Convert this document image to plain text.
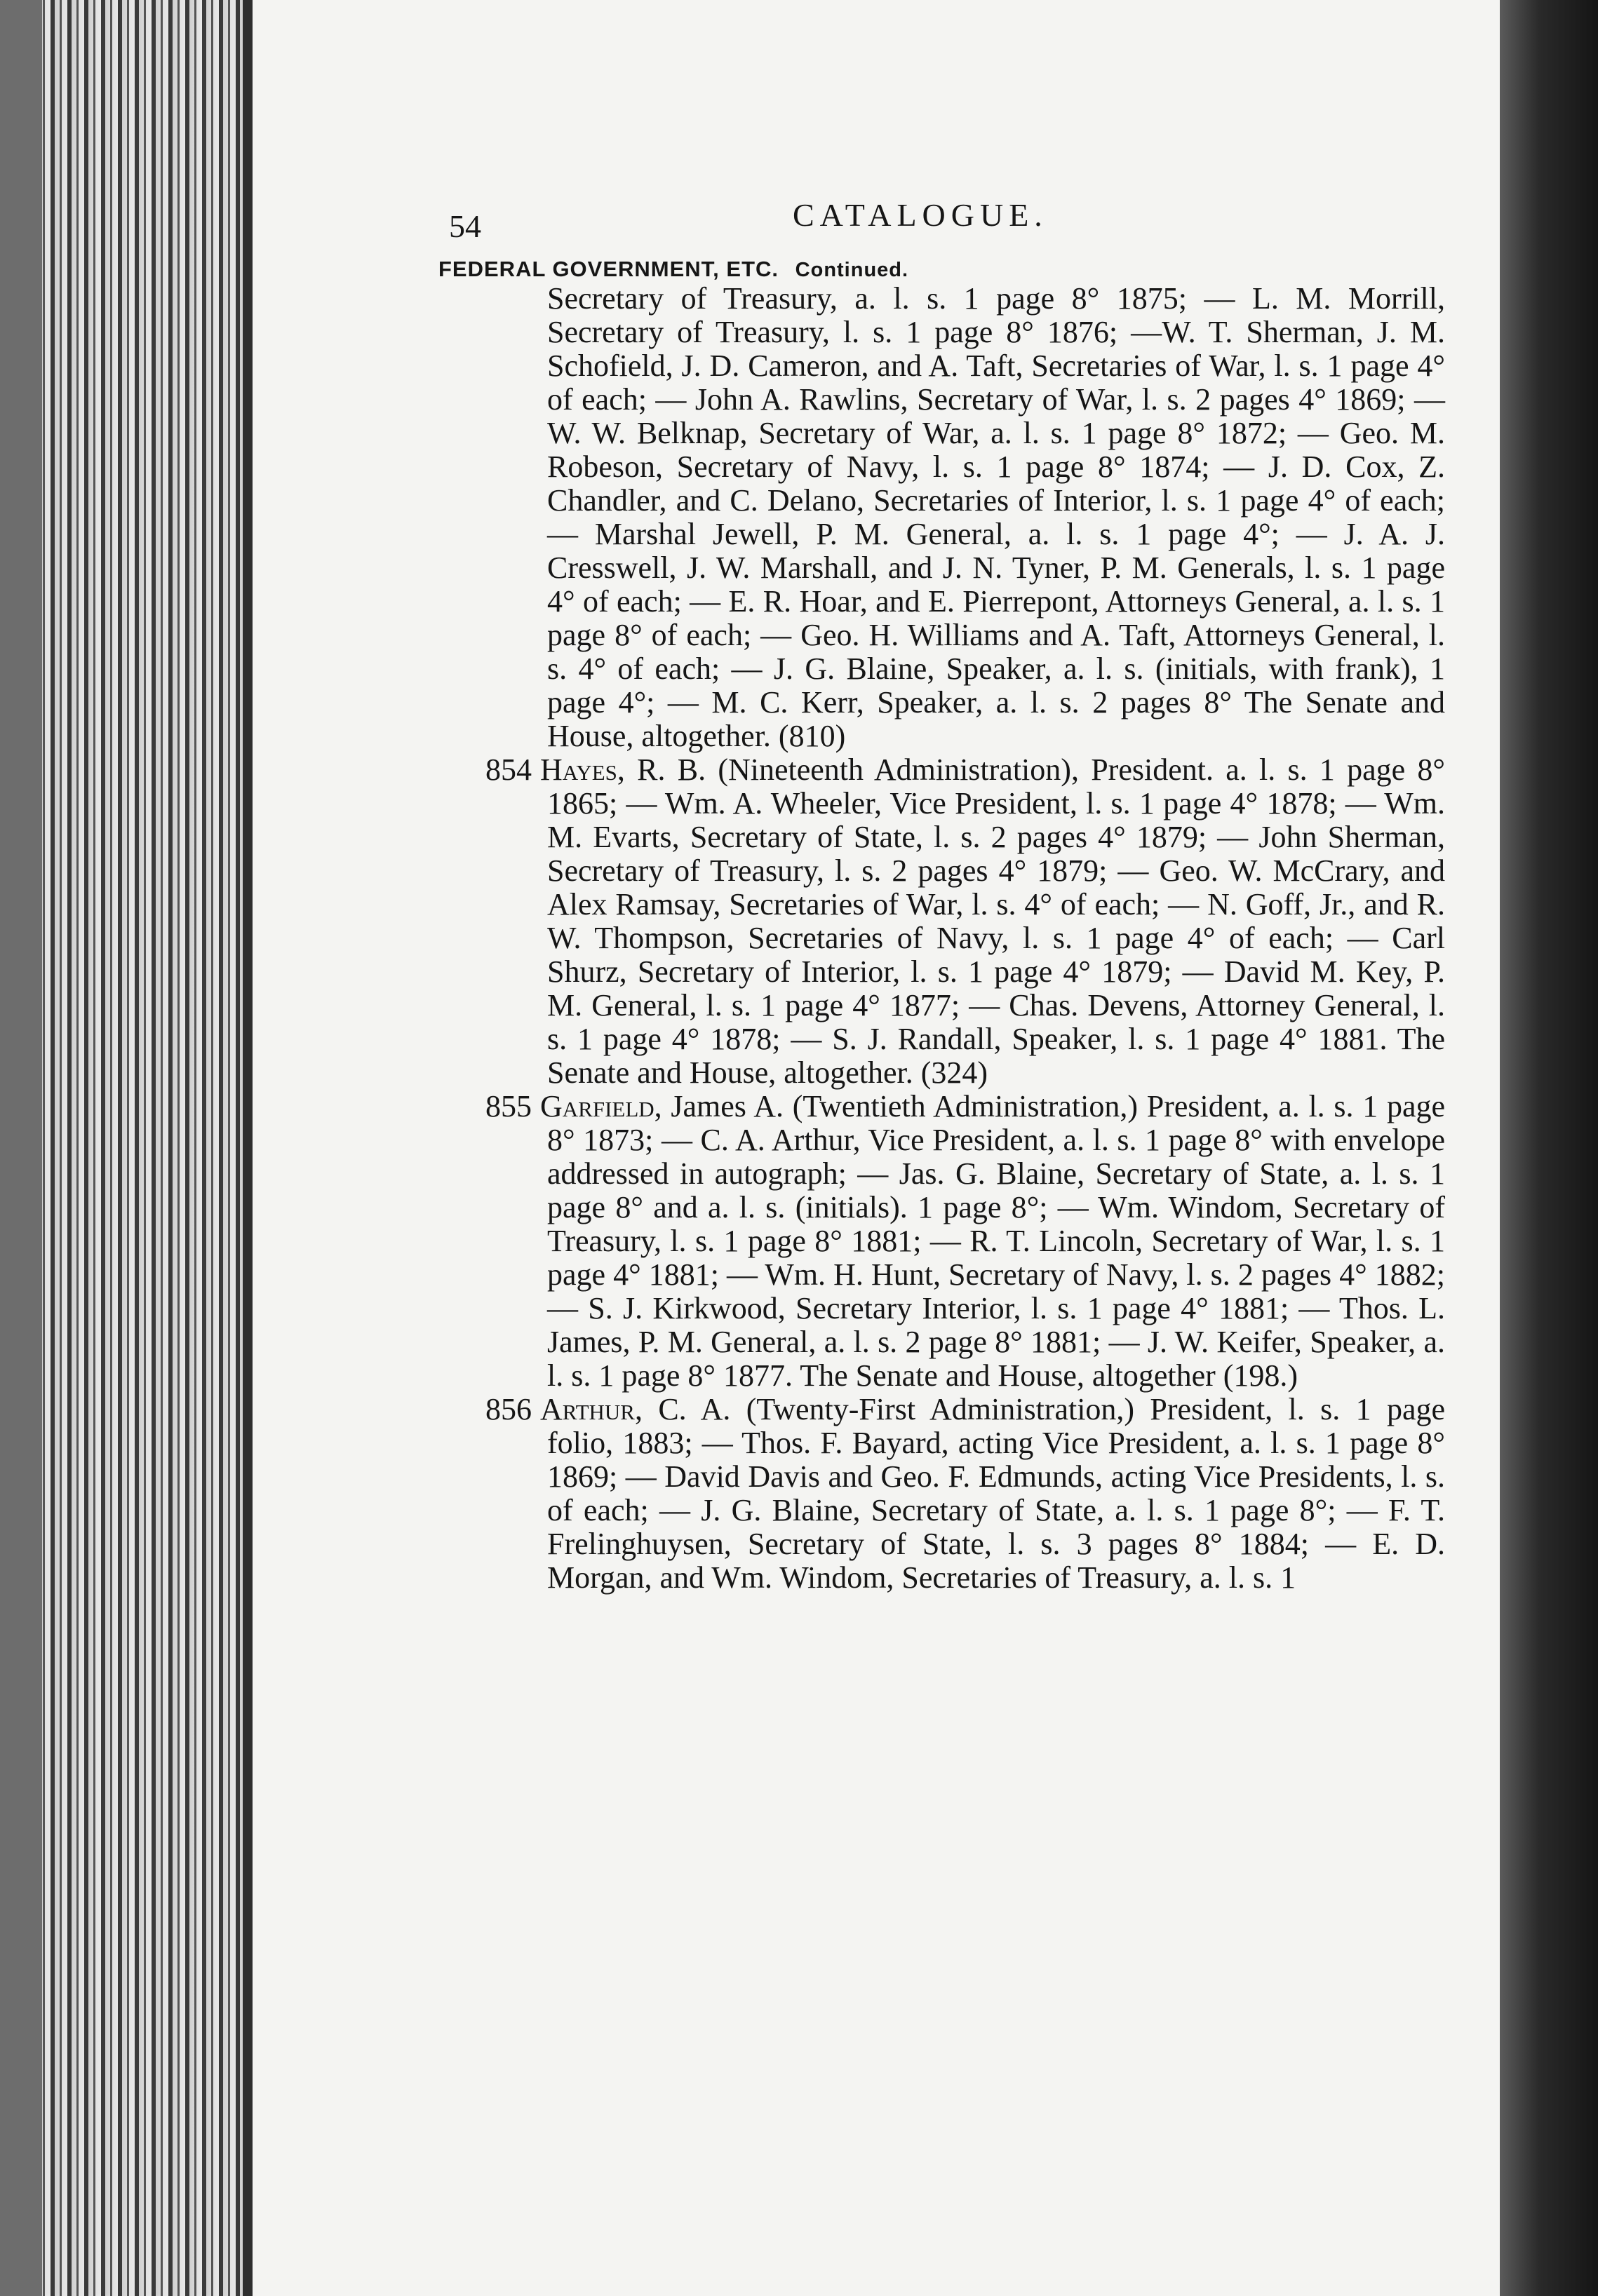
54	CATALOGUE.
FEDERAL GOVERNMENT, ETC. Continued.

Secretary of Treasury, a. l. s. 1 page 8° 1875; — L. M. Morrill, Secretary of Treasury, l. s. 1 page 8° 1876; —W. T. Sherman, J. M. Schofield, J. D. Cameron, and A. Taft, Secretaries of War, l. s. 1 page 4° of each; — John A. Rawlins, Secretary of War, l. s. 2 pages 4° 1869; — W. W. Belknap, Secretary of War, a. l. s. 1 page 8° 1872; — Geo. M. Robeson, Secretary of Navy, l. s. 1 page 8° 1874; — J. D. Cox, Z. Chandler, and C. Delano, Secretaries of Interior, l. s. 1 page 4° of each; — Marshal Jewell, P. M. General, a. l. s. 1 page 4°; — J. A. J. Cresswell, J. W. Marshall, and J. N. Tyner, P. M. Generals, l. s. 1 page 4° of each; — E. R. Hoar, and E. Pierrepont, Attorneys General, a. l. s. 1 page 8° of each; — Geo. H. Williams and A. Taft, Attorneys General, l. s. 4° of each; — J. G. Blaine, Speaker, a. l. s. (initials, with frank), 1 page 4°; — M. C. Kerr, Speaker, a. l. s. 2 pages 8° The Senate and House, altogether. (810)

854 Hayes, R. B. (Nineteenth Administration), President. a. l. s. 1 page 8° 1865; — Wm. A. Wheeler, Vice President, l. s. 1 page 4° 1878; — Wm. M. Evarts, Secretary of State, l. s. 2 pages 4° 1879; — John Sherman, Secretary of Treasury, l. s. 2 pages 4° 1879; — Geo. W. McCrary, and Alex Ramsay, Secretaries of War, l. s. 4° of each; — N. Goff, Jr., and R. W. Thompson, Secretaries of Navy, l. s. 1 page 4° of each; — Carl Shurz, Secretary of Interior, l. s. 1 page 4° 1879; — David M. Key, P. M. General, l. s. 1 page 4° 1877; — Chas. Devens, Attorney General, l. s. 1 page 4° 1878; — S. J. Randall, Speaker, l. s. 1 page 4° 1881. The Senate and House, altogether. (324)

855 Garfield, James A. (Twentieth Administration,) President, a. l. s. 1 page 8° 1873; — C. A. Arthur, Vice President, a. l. s. 1 page 8° with envelope addressed in autograph; — Jas. G. Blaine, Secretary of State, a. l. s. 1 page 8° and a. l. s. (initials). 1 page 8°; — Wm. Windom, Secretary of Treasury, l. s. 1 page 8° 1881; — R. T. Lincoln, Secretary of War, l. s. 1 page 4° 1881; — Wm. H. Hunt, Secretary of Navy, l. s. 2 pages 4° 1882; — S. J. Kirkwood, Secretary Interior, l. s. 1 page 4° 1881; — Thos. L. James, P. M. General, a. l. s. 2 page 8° 1881; — J. W. Keifer, Speaker, a. l. s. 1 page 8° 1877. The Senate and House, altogether (198.)

856 Arthur, C. A. (Twenty-First Administration,) President, l. s. 1 page folio, 1883; — Thos. F. Bayard, acting Vice President, a. l. s. 1 page 8° 1869; — David Davis and Geo. F. Edmunds, acting Vice Presidents, l. s. of each; — J. G. Blaine, Secretary of State, a. l. s. 1 page 8°; — F. T. Frelinghuysen, Secretary of State, l. s. 3 pages 8° 1884; — E. D. Morgan, and Wm. Windom, Secretaries of Treasury, a. l. s. 1
